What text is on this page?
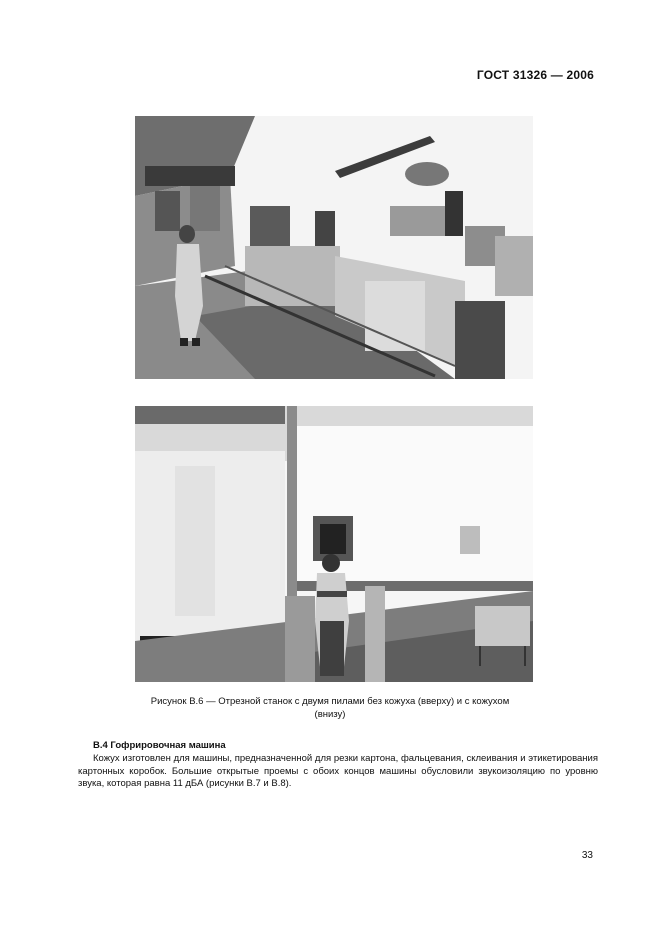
ГОСТ 31326 — 2006
Рисунок В.6 — Отрезной станок с двумя пилами без кожуха (вверху) и с кожухом
(внизу)
В.4 Гофрировочная машина

Кожух изготовлен для машины, предназначенной для резки картона, фальцевания, склеивания и этикетирования картонных коробок. Большие открытые проемы с обоих концов машины обусловили звукоизоляцию по уровню звука, которая равна 11 дБА (рисунки В.7 и В.8).

33
